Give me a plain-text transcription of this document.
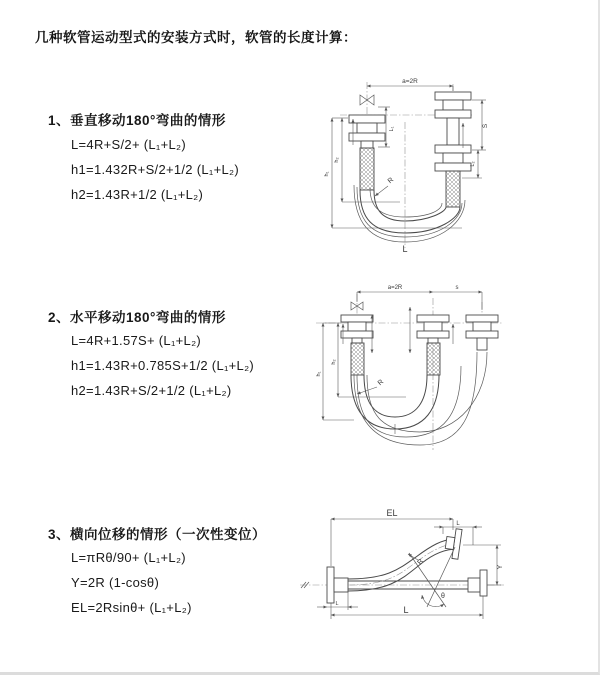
几种软管运动型式的安装方式时，软管的长度计算：
1、垂直移动180°弯曲的情形
L=4R+S/2+ (L₁+L₂)
h1=1.432R+S/2+1/2 (L₁+L₂)
h2=1.43R+1/2 (L₁+L₂)
2、水平移动180°弯曲的情形
L=4R+1.57S+ (L₁+L₂)
h1=1.43R+0.785S+1/2 (L₁+L₂)
h2=1.43R+S/2+1/2 (L₁+L₂)
3、横向位移的情形（一次性变位）
L=πRθ/90+ (L₁+L₂)
Y=2R (1-cosθ)
EL=2Rsinθ+ (L₁+L₂)
a=2R
L₁
S
L₂
h₁
h₂
R
L
a=2R	s
h₁
h₂
R
EL
L
Y
R
θ
L
L
